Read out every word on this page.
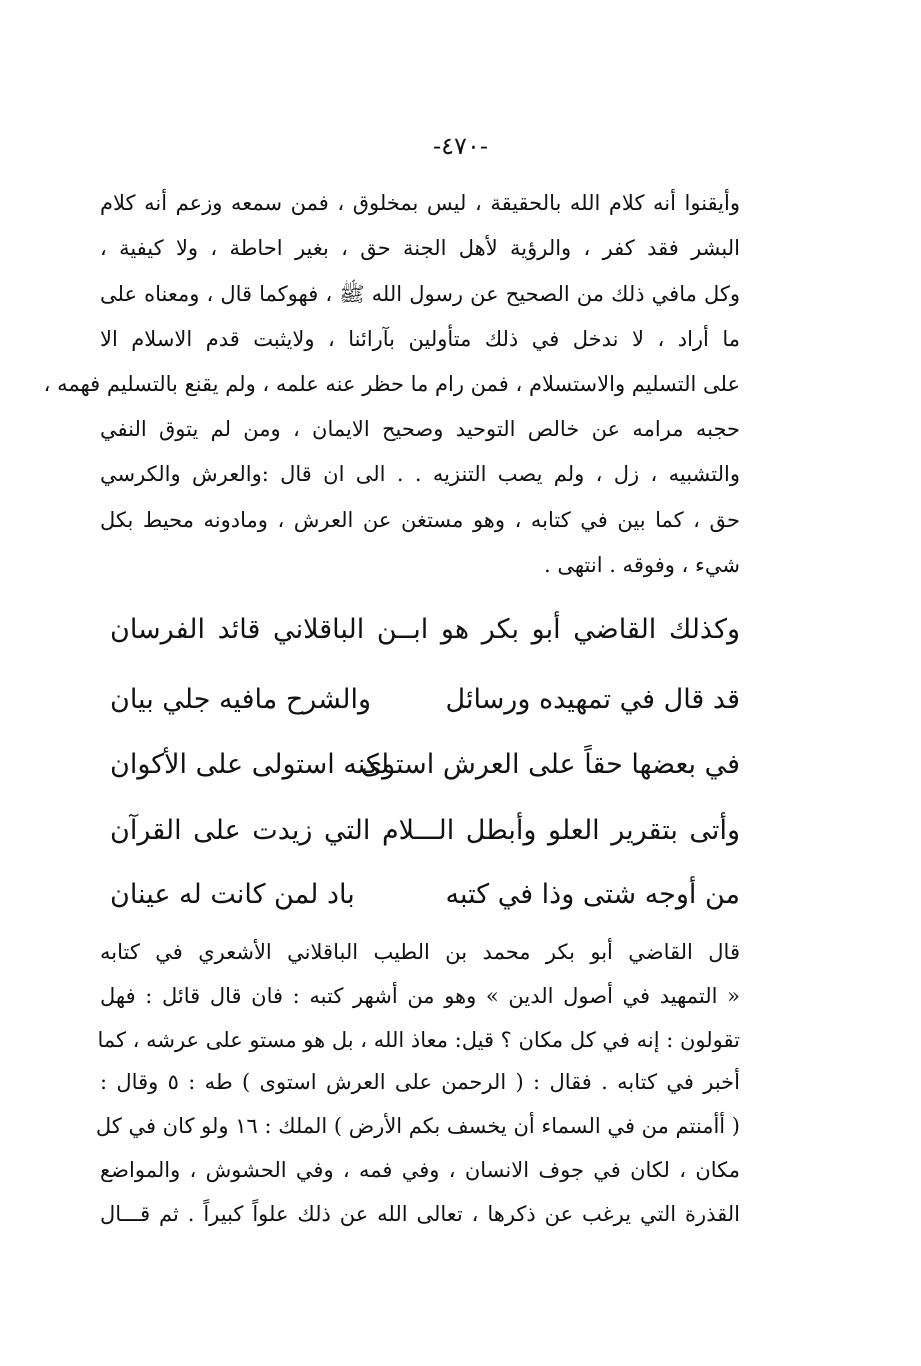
-٤٧٠-
وأيقنوا أنه كلام الله بالحقيقة ، ليس بمخلوق ، فمن سمعه وزعم أنه كلام
البشر فقد كفر ، والرؤية لأهل الجنة حق ، بغير احاطة ، ولا كيفية ،
وكل مافي ذلك من الصحيح عن رسول الله ﷺ ، فهوكما قال ، ومعناه على
ما أراد ، لا ندخل في ذلك متأولين بآرائنا ، ولايثبت قدم الاسلام الا
على التسليم والاستسلام ، فمن رام ما حظر عنه علمه ، ولم يقنع بالتسليم فهمه ،
حجبه مرامه عن خالص التوحيد وصحيح الايمان ، ومن لم يتوق النفي
والتشبيه ، زل ، ولم يصب التنزيه . . الى ان قال :والعرش والكرسي
حق ، كما بين في كتابه ، وهو مستغن عن العرش ، ومادونه محيط بكل
شيء ، وفوقه . انتهى .
وكذلك القاضي أبو بكر هو ابــن الباقلاني قائد الفرسان
قد قال في تمهيده ورسائل
والشرح مافيه جلي بيان
في بعضها حقاً على العرش استوى
لكنه استولى على الأكوان
وأتى بتقرير العلو وأبطل الـــلام التي زيدت على القرآن
من أوجه شتى وذا في كتبه
باد لمن كانت له عينان
قال القاضي أبو بكر محمد بن الطيب الباقلاني الأشعري في كتابه
« التمهيد في أصول الدين » وهو من أشهر كتبه : فان قال قائل : فهل
تقولون : إنه في كل مكان ؟ قيل: معاذ الله ، بل هو مستو على عرشه ، كما
أخبر في كتابه . فقال : ( الرحمن على العرش استوى ) طه : ٥ وقال :
( أأمنتم من في السماء أن يخسف بكم الأرض ) الملك : ١٦ ولو كان في كل
مكان ، لكان في جوف الانسان ، وفي فمه ، وفي الحشوش ، والمواضع
القذرة التي يرغب عن ذكرها ، تعالى الله عن ذلك علواً كبيراً . ثم قـــال
